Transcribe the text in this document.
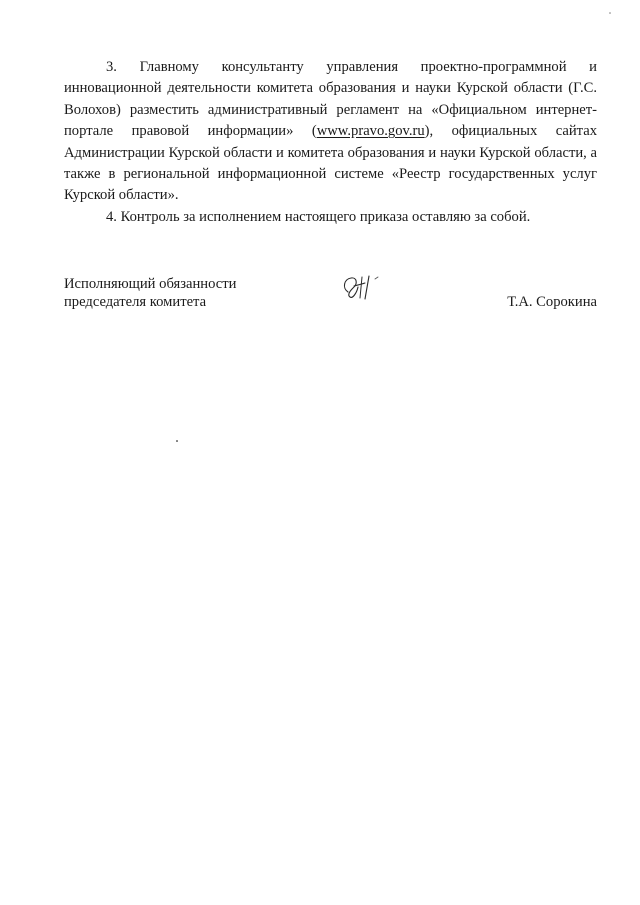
3. Главному консультанту управления проектно-программной и инновационной деятельности комитета образования и науки Курской области (Г.С. Волохов) разместить административный регламент на «Официальном интернет-портале правовой информации» (www.pravo.gov.ru), официальных сайтах Администрации Курской области и комитета образования и науки Курской области, а также в региональной информационной системе «Реестр государственных услуг Курской области».

4. Контроль за исполнением настоящего приказа оставляю за собой.

Исполняющий обязанности
председателя комитета	Т.А. Сорокина
